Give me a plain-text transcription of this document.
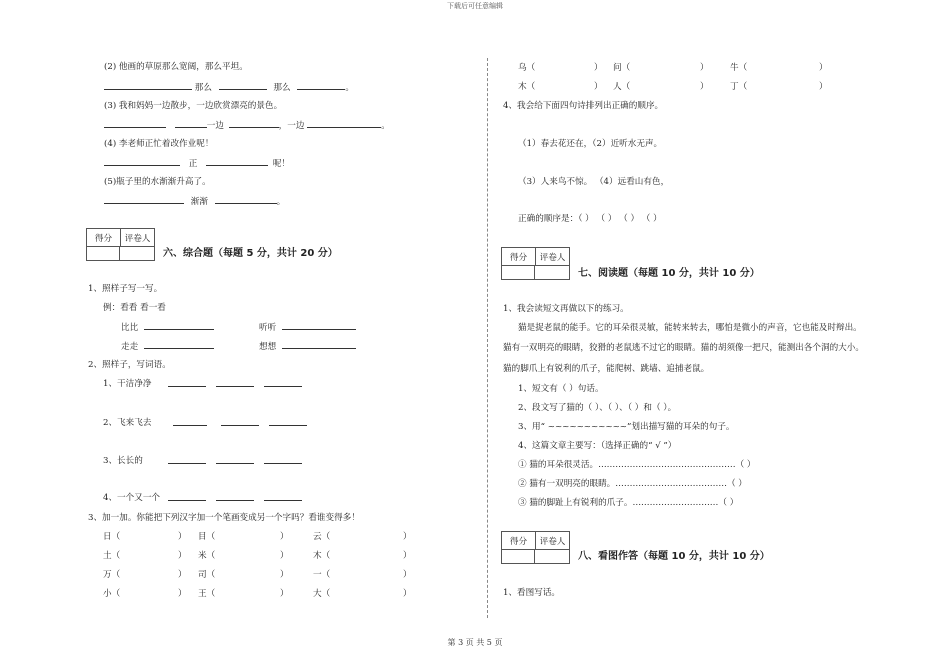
下载后可任意编辑
(2) 他画的草原那么宽阔，那么平坦。
那么	那么	。
(3) 我和妈妈一边散步，一边欣赏漂亮的景色。
一边	，一边	。
(4) 李老师正忙着改作业呢！
正	呢！
(5)瓶子里的水渐渐升高了。
渐渐	。
得分	评卷人
六、综合题（每题 5 分，共计 20 分）
1、照样子写一写。
例：看看 看一看
比比	听听
走走	想想
2、照样子，写词语。
1、干洁净净
2、飞来飞去
3、长长的
4、一个又一个
3、加一加。你能把下列汉字加一个笔画变成另一个字吗？看谁变得多！
日（	） 目（	）	云（	）
土（	） 米（	）	木（	）
万（	） 司（	）	一（	）
小（	） 王（	）	大（	）
乌（	） 问（	） 牛（	）
木（	） 人（	） 丁（	）
4、我会给下面四句诗排列出正确的顺序。
（1）春去花还在，（2）近听水无声。
（3）人来鸟不惊。 （4）远看山有色，
正确的顺序是：（ ） （ ） （ ） （ ）
得分	评卷人
七、阅读题（每题 10 分，共计 10 分）
1、我会读短文再做以下的练习。
猫是捉老鼠的能手。它的耳朵很灵敏，能转来转去，哪怕是微小的声音，它也能及时辩出。
猫有一双明亮的眼睛，狡猾的老鼠逃不过它的眼睛。猫的胡须像一把尺，能测出各个洞的大小。
猫的脚爪上有锐利的爪子，能爬树、跳墙、追捕老鼠。
1、短文有（ ）句话。
2、段文写了猫的（ ）、（ ）、（ ）和（ ）。
3、用“ ~~~~~~~~~~~”划出描写猫的耳朵的句子。
4、这篇文章主要写：（选择正确的“ √ ”）
① 猫的耳朵很灵活。…………………………………………（ ）
② 猫有一双明亮的眼睛。…………………………………（ ）
③ 猫的脚趾上有锐利的爪子。…………………………（ ）
得分	评卷人
八、看图作答（每题 10 分，共计 10 分）
1、看图写话。
第 3 页 共 5 页
